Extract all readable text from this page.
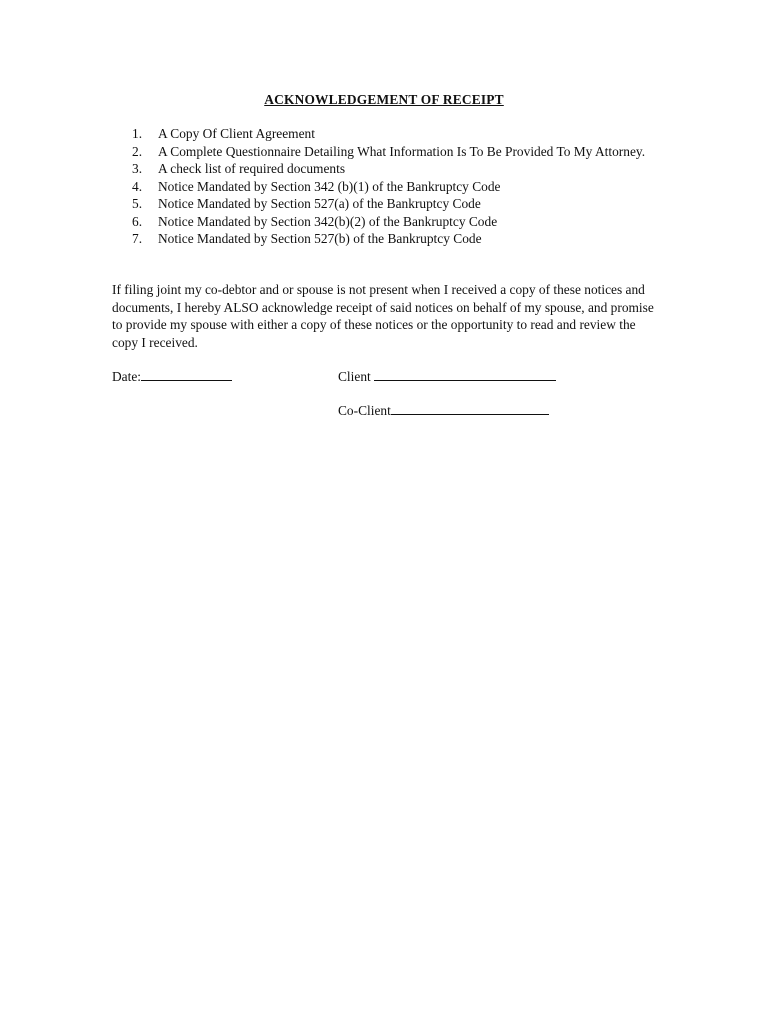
ACKNOWLEDGEMENT OF RECEIPT
1. A Copy Of Client Agreement
2. A Complete Questionnaire Detailing What Information Is To Be Provided To My Attorney.
3. A check list of required documents
4. Notice Mandated by Section 342 (b)(1) of the Bankruptcy Code
5. Notice Mandated by Section 527(a) of the Bankruptcy Code
6. Notice Mandated by Section 342(b)(2) of the Bankruptcy Code
7. Notice Mandated by Section 527(b) of the Bankruptcy Code

If filing joint my co-debtor and or spouse is not present when I received a copy of these notices and documents, I hereby ALSO acknowledge receipt of said notices on behalf of my spouse, and promise to provide my spouse with either a copy of these notices or the opportunity to read and review the copy I received.

Date:	Client
Co-Client
